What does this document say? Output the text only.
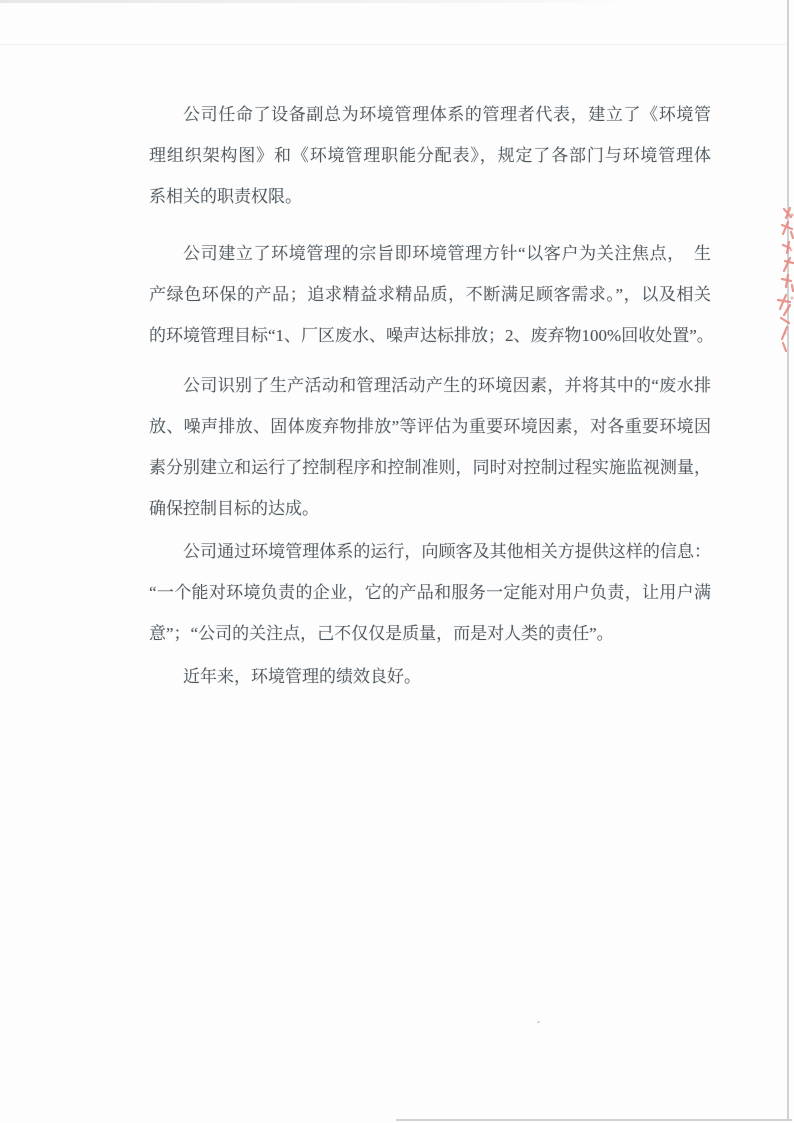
公司任命了设备副总为环境管理体系的管理者代表，建立了《环境管
理组织架构图》和《环境管理职能分配表》，规定了各部门与环境管理体
系相关的职责权限。
公司建立了环境管理的宗旨即环境管理方针“以客户为关注焦点，　生
产绿色环保的产品；追求精益求精品质，不断满足顾客需求。”，以及相关
的环境管理目标“1、厂区废水、噪声达标排放；2、废弃物100%回收处置”。
公司识别了生产活动和管理活动产生的环境因素，并将其中的“废水排
放、噪声排放、固体废弃物排放”等评估为重要环境因素，对各重要环境因
素分别建立和运行了控制程序和控制准则，同时对控制过程实施监视测量，
确保控制目标的达成。
公司通过环境管理体系的运行，向顾客及其他相关方提供这样的信息：
“一个能对环境负责的企业，它的产品和服务一定能对用户负责，让用户满
意”；“公司的关注点，己不仅仅是质量，而是对人类的责任”。
近年来，环境管理的绩效良好。
